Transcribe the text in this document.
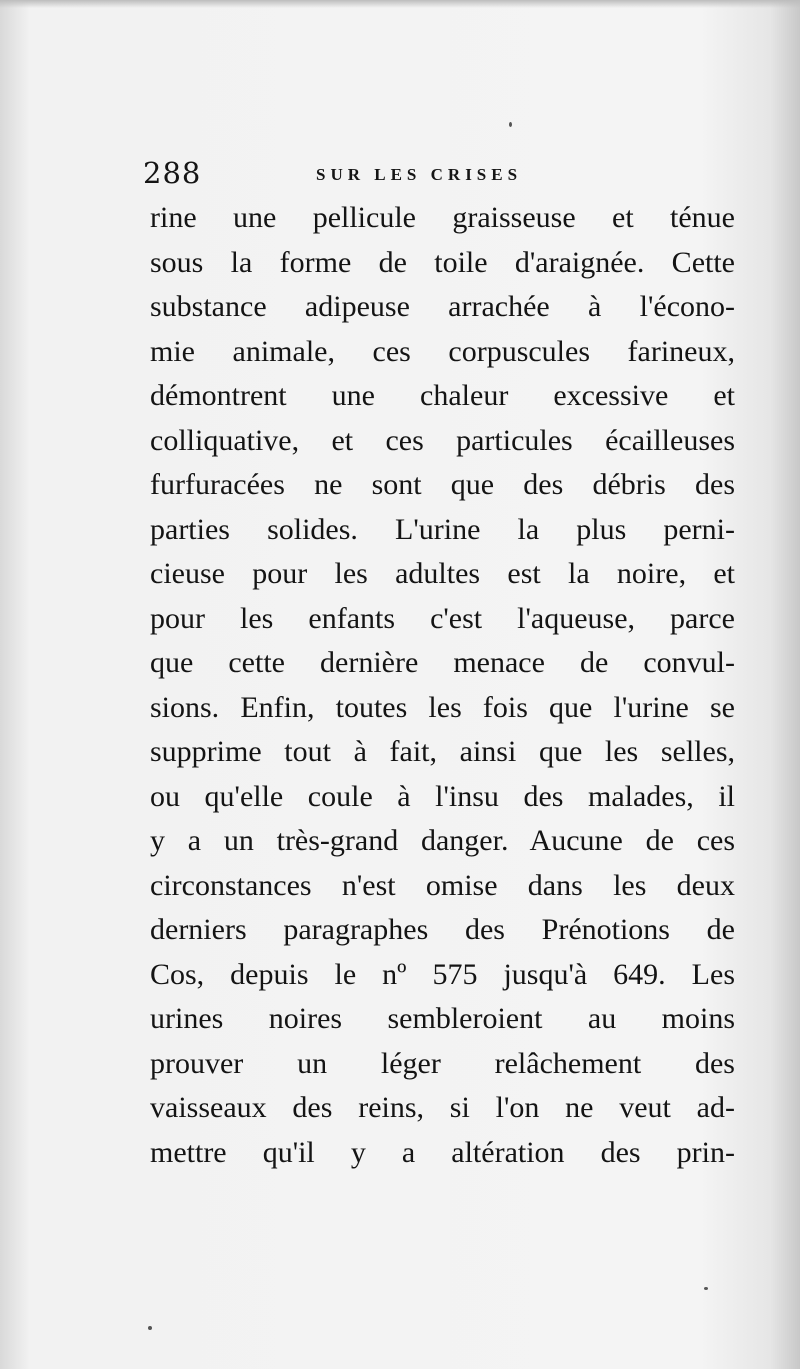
288	SUR LES CRISES
rine une pellicule graisseuse et ténue
sous la forme de toile d'araignée. Cette
substance adipeuse arrachée à l'écono-
mie animale, ces corpuscules farineux,
démontrent une chaleur excessive et
colliquative, et ces particules écailleuses
furfuracées ne sont que des débris des
parties solides. L'urine la plus perni-
cieuse pour les adultes est la noire, et
pour les enfants c'est l'aqueuse, parce
que cette dernière menace de convul-
sions. Enfin, toutes les fois que l'urine se
supprime tout à fait, ainsi que les selles,
ou qu'elle coule à l'insu des malades, il
y a un très-grand danger. Aucune de ces
circonstances n'est omise dans les deux
derniers paragraphes des Prénotions de
Cos, depuis le nº 575 jusqu'à 649. Les
urines noires sembleroient au moins
prouver un léger relâchement des
vaisseaux des reins, si l'on ne veut ad-
mettre qu'il y a altération des prin-
